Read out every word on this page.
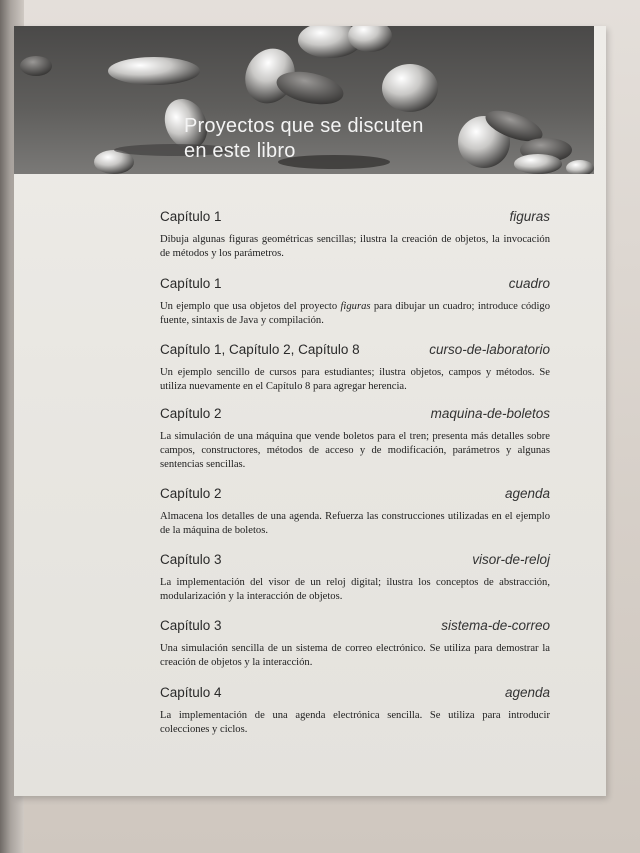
Proyectos que se discuten
en este libro
Capítulo 1	figuras

Dibuja algunas figuras geométricas sencillas; ilustra la creación de objetos, la invocación de métodos y los parámetros.

Capítulo 1	cuadro

Un ejemplo que usa objetos del proyecto figuras para dibujar un cuadro; introduce código fuente, sintaxis de Java y compilación.

Capítulo 1, Capítulo 2, Capítulo 8	curso-de-laboratorio

Un ejemplo sencillo de cursos para estudiantes; ilustra objetos, campos y métodos. Se utiliza nuevamente en el Capítulo 8 para agregar herencia.

Capítulo 2	maquina-de-boletos

La simulación de una máquina que vende boletos para el tren; presenta más detalles sobre campos, constructores, métodos de acceso y de modificación, parámetros y algunas sentencias sencillas.

Capítulo 2	agenda

Almacena los detalles de una agenda. Refuerza las construcciones utilizadas en el ejemplo de la máquina de boletos.

Capítulo 3	visor-de-reloj

La implementación del visor de un reloj digital; ilustra los conceptos de abstracción, modularización y la interacción de objetos.

Capítulo 3	sistema-de-correo

Una simulación sencilla de un sistema de correo electrónico. Se utiliza para demostrar la creación de objetos y la interacción.

Capítulo 4	agenda

La implementación de una agenda electrónica sencilla. Se utiliza para introducir colecciones y ciclos.
